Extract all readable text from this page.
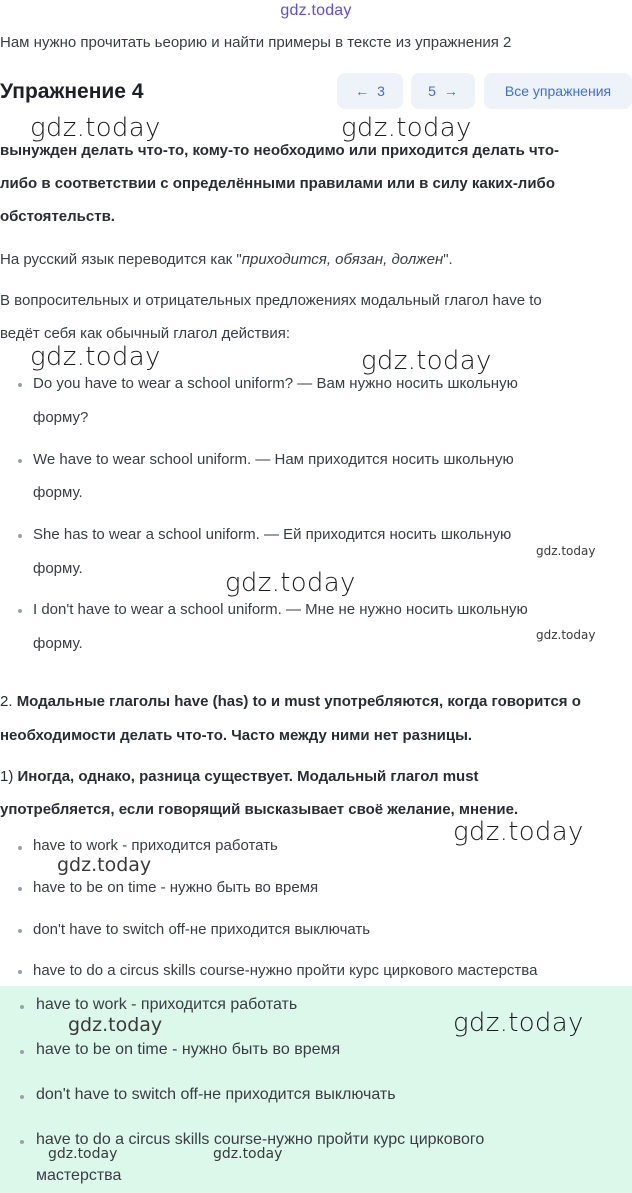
gdz.today
Нам нужно прочитать ьеорию и найти примеры в тексте из упражнения 2
Упражнение 4	← 3	5 →	Все упражнения
gdz.today	gdz.today
вынужден делать что-то, кому-то необходимо или приходится делать что-
либо в соответствии с определёнными правилами или в силу каких-либо
обстоятельств.
На русский язык переводится как "приходится, обязан, должен".
В вопросительных и отрицательных предложениях модальный глагол have to
ведёт себя как обычный глагол действия:
gdz.today	gdz.today
Do you have to wear a school uniform? — Вам нужно носить школьную
форму?
We have to wear school uniform. — Нам приходится носить школьную
форму.
She has to wear a school uniform. — Ей приходится носить школьную
gdz.today
форму.	gdz.today
I don't have to wear a school uniform. — Мне не нужно носить школьную
gdz.today
форму.
2. Модальные глаголы have (has) to и must употребляются, когда говорится о
необходимости делать что-то. Часто между ними нет разницы.
1) Иногда, однако, разница существует. Модальный глагол must
употребляется, если говорящий высказывает своё желание, мнение.
gdz.today
have to work - приходится работать
gdz.today
have to be on time - нужно быть во время
don't have to switch off-не приходится выключать
have to do a circus skills course-нужно пройти курс циркового мастерства
have to work - приходится работать
gdz.today	gdz.today
have to be on time - нужно быть во время
don't have to switch off-не приходится выключать
have to do a circus skills course-нужно пройти курс циркового
gdz.today	gdz.today
мастерства
